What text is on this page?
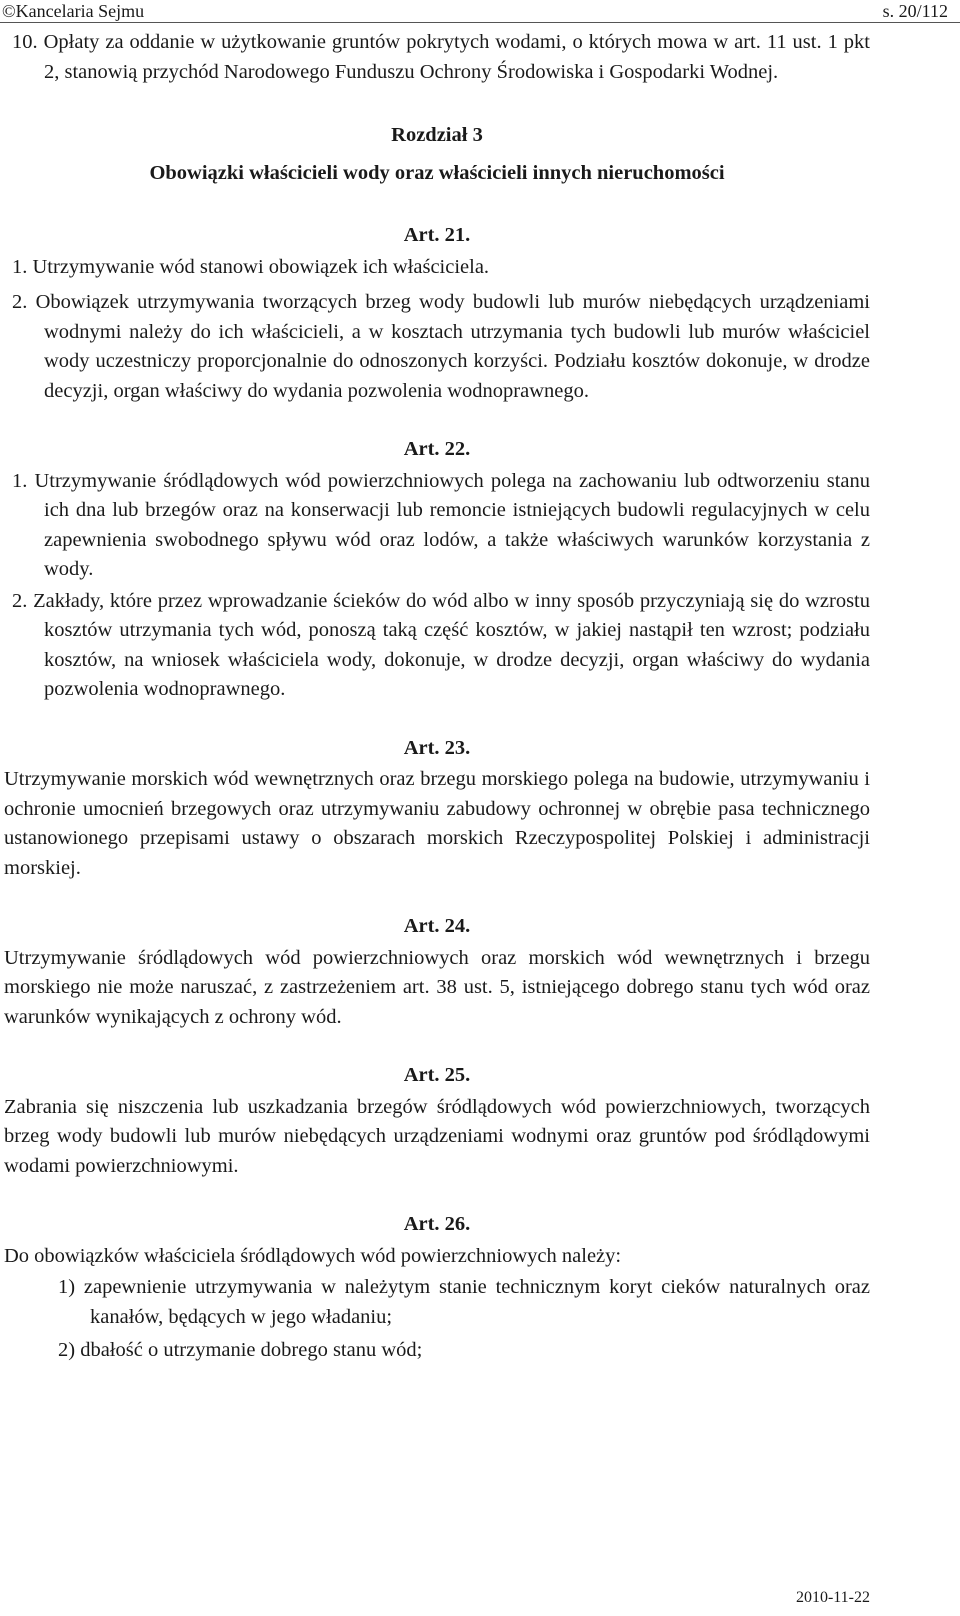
©Kancelaria Sejmu	s. 20/112

10. Opłaty za oddanie w użytkowanie gruntów pokrytych wodami, o których mowa w art. 11 ust. 1 pkt 2, stanowią przychód Narodowego Funduszu Ochrony Środowiska i Gospodarki Wodnej.

Rozdział 3

Obowiązki właścicieli wody oraz właścicieli innych nieruchomości

Art. 21.

1. Utrzymywanie wód stanowi obowiązek ich właściciela.

2. Obowiązek utrzymywania tworzących brzeg wody budowli lub murów niebędących urządzeniami wodnymi należy do ich właścicieli, a w kosztach utrzymania tych budowli lub murów właściciel wody uczestniczy proporcjonalnie do odnoszonych korzyści. Podziału kosztów dokonuje, w drodze decyzji, organ właściwy do wydania pozwolenia wodnoprawnego.

Art. 22.

1. Utrzymywanie śródlądowych wód powierzchniowych polega na zachowaniu lub odtworzeniu stanu ich dna lub brzegów oraz na konserwacji lub remoncie istniejących budowli regulacyjnych w celu zapewnienia swobodnego spływu wód oraz lodów, a także właściwych warunków korzystania z wody.

2. Zakłady, które przez wprowadzanie ścieków do wód albo w inny sposób przyczyniają się do wzrostu kosztów utrzymania tych wód, ponoszą taką część kosztów, w jakiej nastąpił ten wzrost; podziału kosztów, na wniosek właściciela wody, dokonuje, w drodze decyzji, organ właściwy do wydania pozwolenia wodnoprawnego.

Art. 23.

Utrzymywanie morskich wód wewnętrznych oraz brzegu morskiego polega na budowie, utrzymywaniu i ochronie umocnień brzegowych oraz utrzymywaniu zabudowy ochronnej w obrębie pasa technicznego ustanowionego przepisami ustawy o obszarach morskich Rzeczypospolitej Polskiej i administracji morskiej.

Art. 24.

Utrzymywanie śródlądowych wód powierzchniowych oraz morskich wód wewnętrznych i brzegu morskiego nie może naruszać, z zastrzeżeniem art. 38 ust. 5, istniejącego dobrego stanu tych wód oraz warunków wynikających z ochrony wód.

Art. 25.

Zabrania się niszczenia lub uszkadzania brzegów śródlądowych wód powierzchniowych, tworzących brzeg wody budowli lub murów niebędących urządzeniami wodnymi oraz gruntów pod śródlądowymi wodami powierzchniowymi.

Art. 26.

Do obowiązków właściciela śródlądowych wód powierzchniowych należy:

1) zapewnienie utrzymywania w należytym stanie technicznym koryt cieków naturalnych oraz kanałów, będących w jego władaniu;

2) dbałość o utrzymanie dobrego stanu wód;

2010-11-22
